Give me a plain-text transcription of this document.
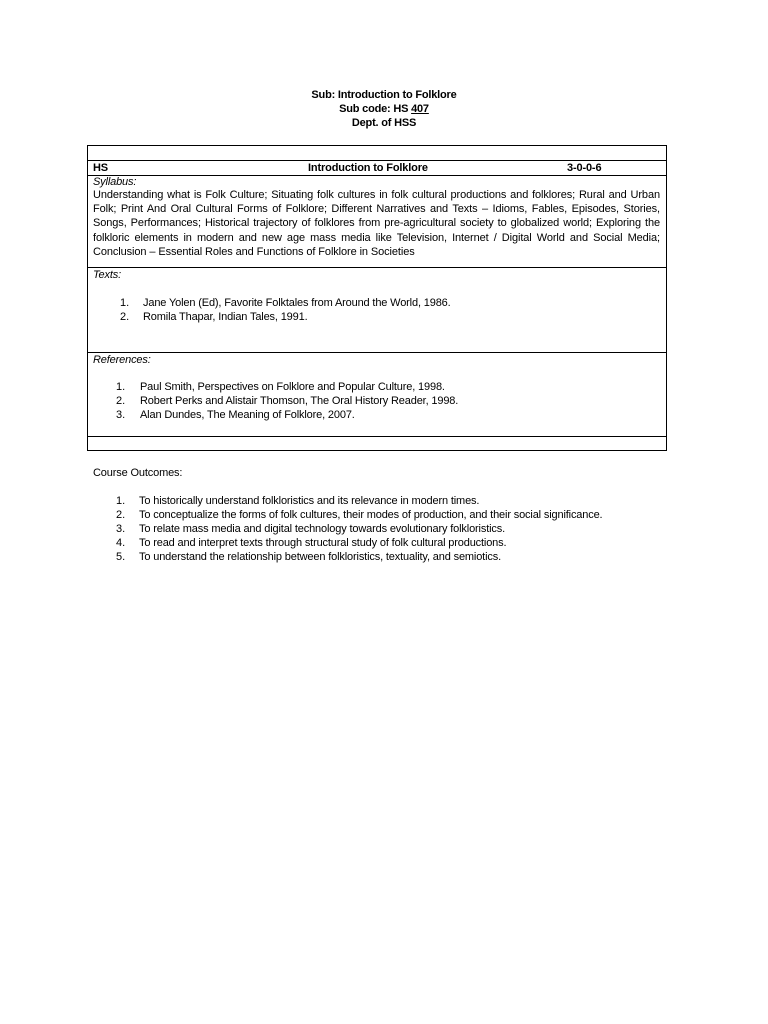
Sub: Introduction to Folklore
Sub code: HS 407
Dept. of HSS
HS	Introduction to Folklore	3-0-0-6
Syllabus:
Understanding what is Folk Culture; Situating folk cultures in folk cultural productions and folklores; Rural and Urban Folk; Print And Oral Cultural Forms of Folklore; Different Narratives and Texts – Idioms, Fables, Episodes, Stories, Songs, Performances; Historical trajectory of folklores from pre-agricultural society to globalized world; Exploring the folkloric elements in modern and new age mass media like Television, Internet / Digital World and Social Media; Conclusion – Essential Roles and Functions of Folklore in Societies
Texts:
1. Jane Yolen (Ed), Favorite Folktales from Around the World, 1986.
2. Romila Thapar, Indian Tales, 1991.
References:
1. Paul Smith, Perspectives on Folklore and Popular Culture, 1998.
2. Robert Perks and Alistair Thomson, The Oral History Reader, 1998.
3. Alan Dundes, The Meaning of Folklore, 2007.
Course Outcomes:
1. To historically understand folkloristics and its relevance in modern times.
2. To conceptualize the forms of folk cultures, their modes of production, and their social significance.
3. To relate mass media and digital technology towards evolutionary folkloristics.
4. To read and interpret texts through structural study of folk cultural productions.
5. To understand the relationship between folkloristics, textuality, and semiotics.
